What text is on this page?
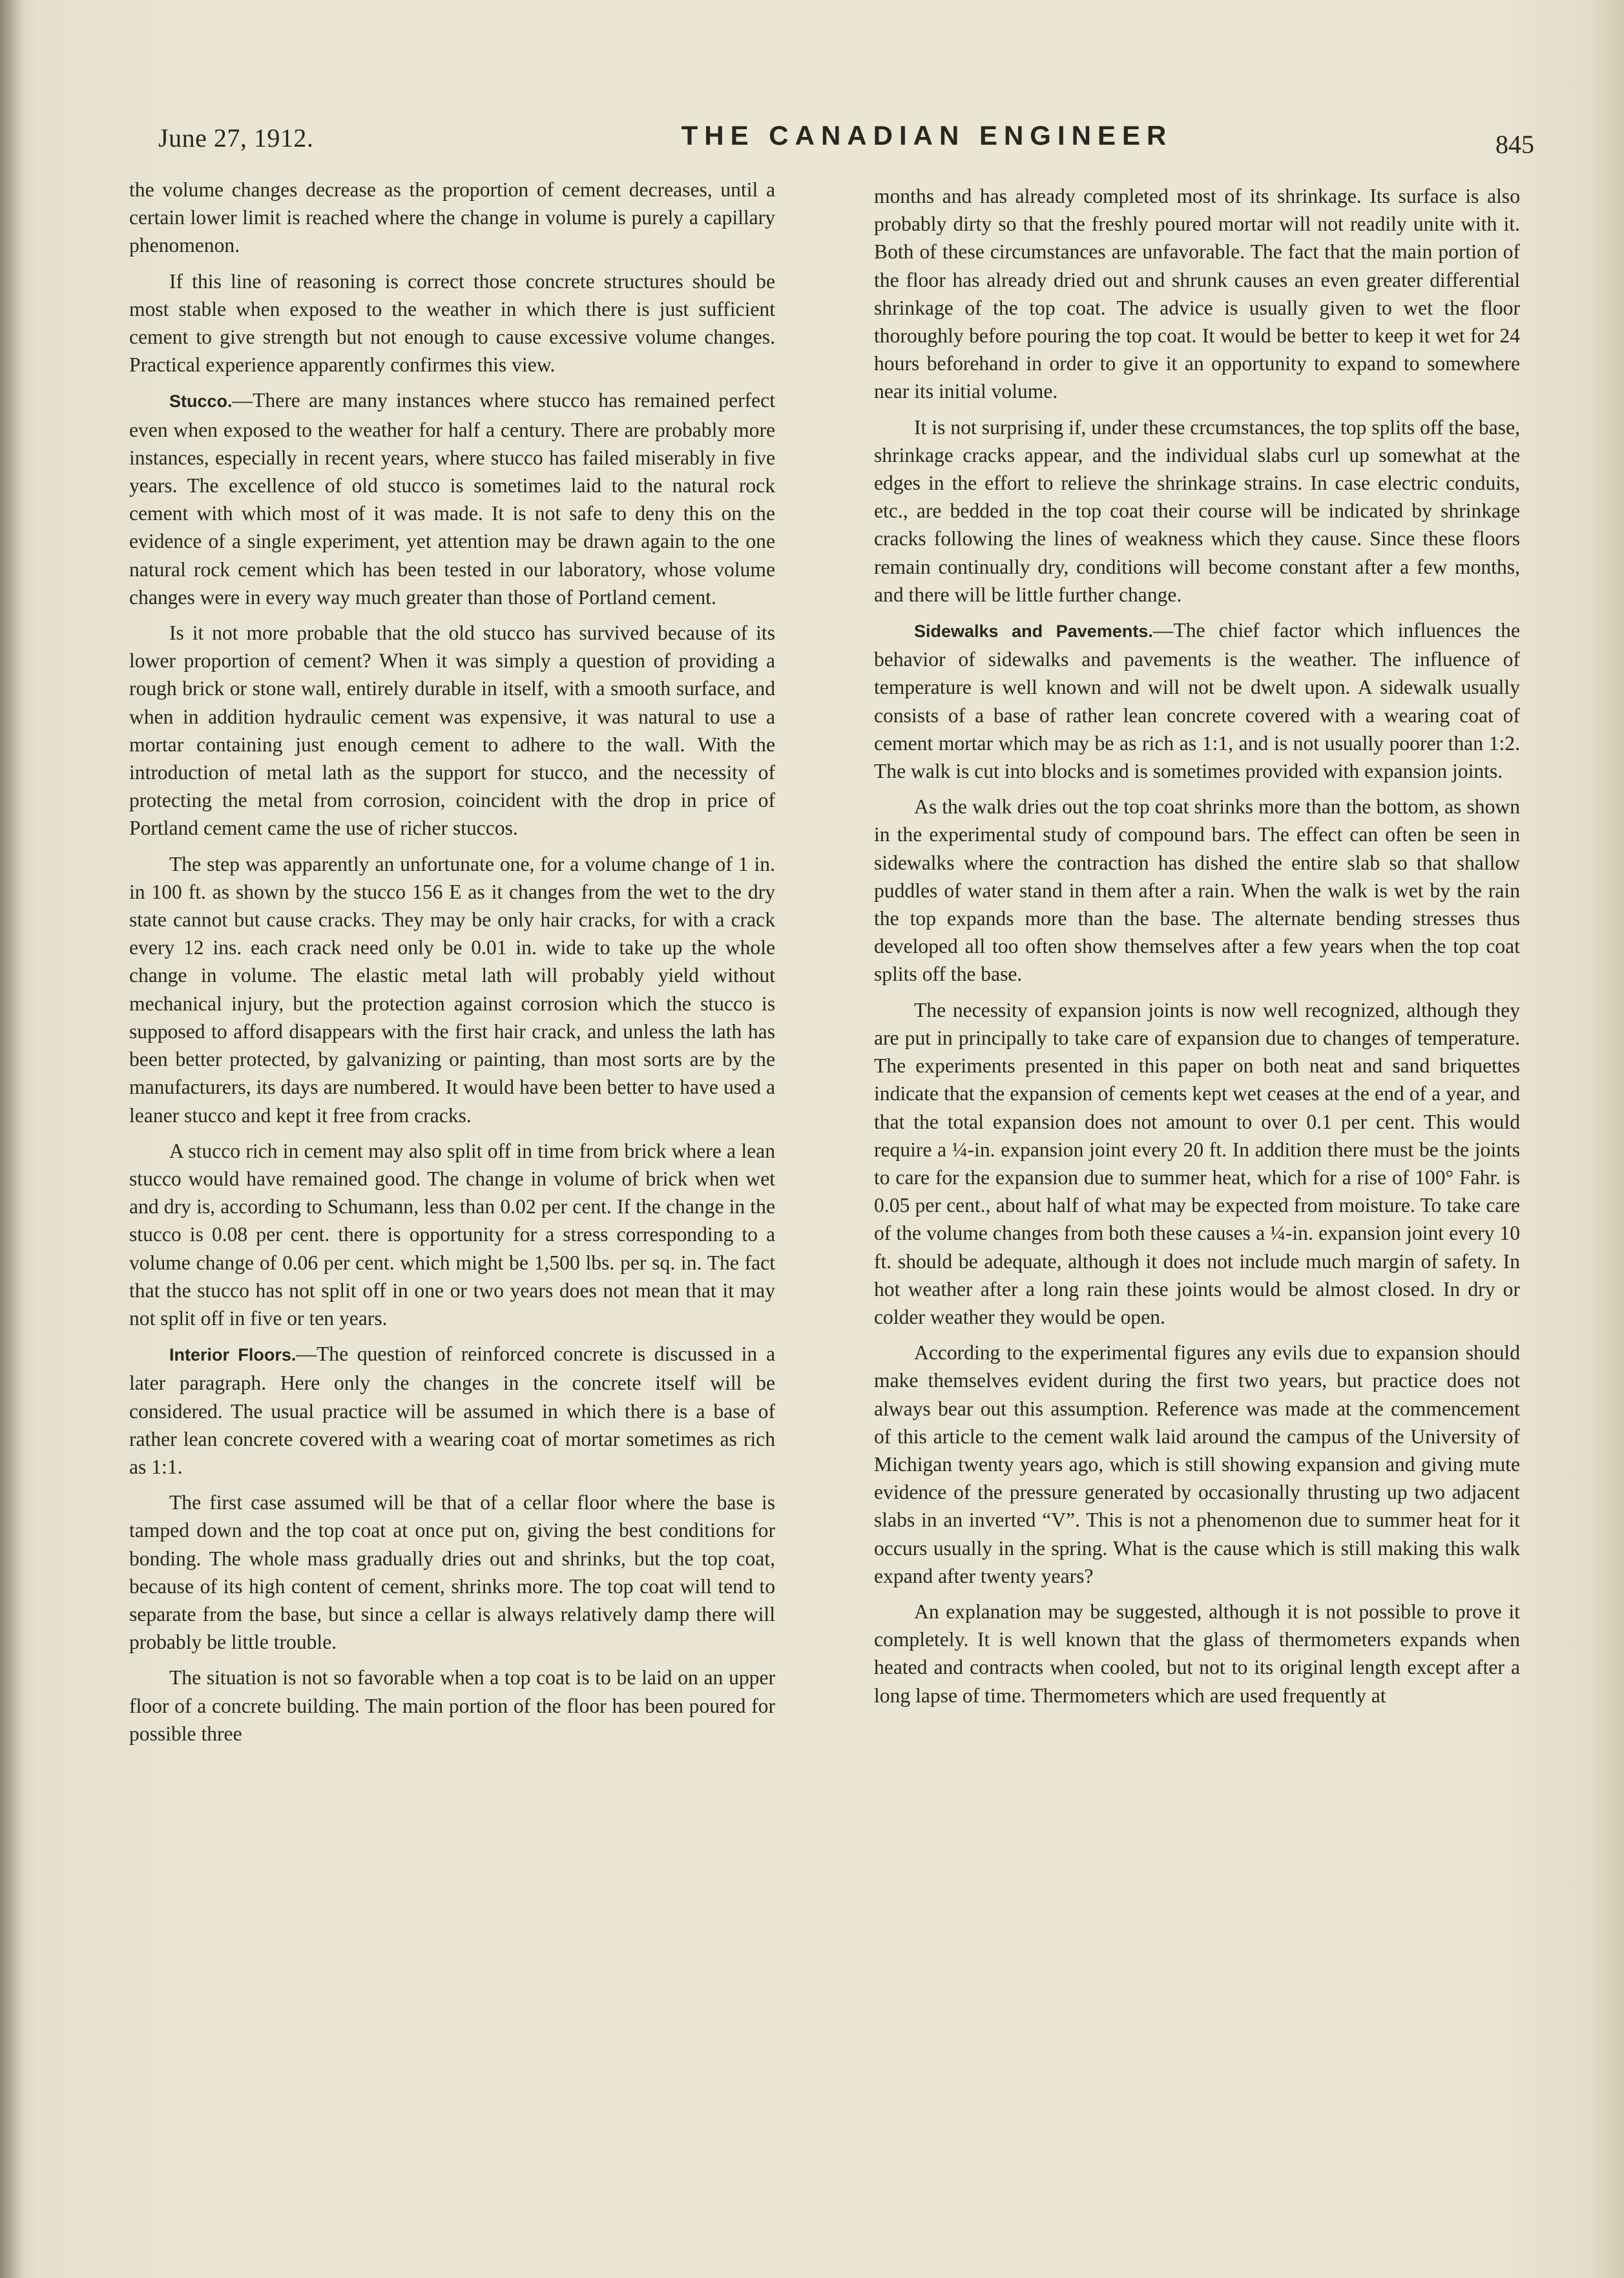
June 27, 1912.	THE CANADIAN ENGINEER	845

the volume changes decrease as the proportion of cement decreases, until a certain lower limit is reached where the change in volume is purely a capillary phenomenon.

If this line of reasoning is correct those concrete structures should be most stable when exposed to the weather in which there is just sufficient cement to give strength but not enough to cause excessive volume changes. Practical experience apparently confirmes this view.

Stucco.—There are many instances where stucco has remained perfect even when exposed to the weather for half a century. There are probably more instances, especially in recent years, where stucco has failed miserably in five years. The excellence of old stucco is sometimes laid to the natural rock cement with which most of it was made. It is not safe to deny this on the evidence of a single experiment, yet attention may be drawn again to the one natural rock cement which has been tested in our laboratory, whose volume changes were in every way much greater than those of Portland cement.

Is it not more probable that the old stucco has survived because of its lower proportion of cement? When it was simply a question of providing a rough brick or stone wall, entirely durable in itself, with a smooth surface, and when in addition hydraulic cement was expensive, it was natural to use a mortar containing just enough cement to adhere to the wall. With the introduction of metal lath as the support for stucco, and the necessity of protecting the metal from corrosion, coincident with the drop in price of Portland cement came the use of richer stuccos.

The step was apparently an unfortunate one, for a volume change of 1 in. in 100 ft. as shown by the stucco 156 E as it changes from the wet to the dry state cannot but cause cracks. They may be only hair cracks, for with a crack every 12 ins. each crack need only be 0.01 in. wide to take up the whole change in volume. The elastic metal lath will probably yield without mechanical injury, but the protection against corrosion which the stucco is supposed to afford disappears with the first hair crack, and unless the lath has been better protected, by galvanizing or painting, than most sorts are by the manufacturers, its days are numbered. It would have been better to have used a leaner stucco and kept it free from cracks.

A stucco rich in cement may also split off in time from brick where a lean stucco would have remained good. The change in volume of brick when wet and dry is, according to Schumann, less than 0.02 per cent. If the change in the stucco is 0.08 per cent. there is opportunity for a stress corresponding to a volume change of 0.06 per cent. which might be 1,500 lbs. per sq. in. The fact that the stucco has not split off in one or two years does not mean that it may not split off in five or ten years.

Interior Floors.—The question of reinforced concrete is discussed in a later paragraph. Here only the changes in the concrete itself will be considered. The usual practice will be assumed in which there is a base of rather lean concrete covered with a wearing coat of mortar sometimes as rich as 1:1.

The first case assumed will be that of a cellar floor where the base is tamped down and the top coat at once put on, giving the best conditions for bonding. The whole mass gradually dries out and shrinks, but the top coat, because of its high content of cement, shrinks more. The top coat will tend to separate from the base, but since a cellar is always relatively damp there will probably be little trouble.

The situation is not so favorable when a top coat is to be laid on an upper floor of a concrete building. The main portion of the floor has been poured for possible three

months and has already completed most of its shrinkage. Its surface is also probably dirty so that the freshly poured mortar will not readily unite with it. Both of these circumstances are unfavorable. The fact that the main portion of the floor has already dried out and shrunk causes an even greater differential shrinkage of the top coat. The advice is usually given to wet the floor thoroughly before pouring the top coat. It would be better to keep it wet for 24 hours beforehand in order to give it an opportunity to expand to somewhere near its initial volume.

It is not surprising if, under these crcumstances, the top splits off the base, shrinkage cracks appear, and the individual slabs curl up somewhat at the edges in the effort to relieve the shrinkage strains. In case electric conduits, etc., are bedded in the top coat their course will be indicated by shrinkage cracks following the lines of weakness which they cause. Since these floors remain continually dry, conditions will become constant after a few months, and there will be little further change.

Sidewalks and Pavements.—The chief factor which influences the behavior of sidewalks and pavements is the weather. The influence of temperature is well known and will not be dwelt upon. A sidewalk usually consists of a base of rather lean concrete covered with a wearing coat of cement mortar which may be as rich as 1:1, and is not usually poorer than 1:2. The walk is cut into blocks and is sometimes provided with expansion joints.

As the walk dries out the top coat shrinks more than the bottom, as shown in the experimental study of compound bars. The effect can often be seen in sidewalks where the contraction has dished the entire slab so that shallow puddles of water stand in them after a rain. When the walk is wet by the rain the top expands more than the base. The alternate bending stresses thus developed all too often show themselves after a few years when the top coat splits off the base.

The necessity of expansion joints is now well recognized, although they are put in principally to take care of expansion due to changes of temperature. The experiments presented in this paper on both neat and sand briquettes indicate that the expansion of cements kept wet ceases at the end of a year, and that the total expansion does not amount to over 0.1 per cent. This would require a ¼-in. expansion joint every 20 ft. In addition there must be the joints to care for the expansion due to summer heat, which for a rise of 100° Fahr. is 0.05 per cent., about half of what may be expected from moisture. To take care of the volume changes from both these causes a ¼-in. expansion joint every 10 ft. should be adequate, although it does not include much margin of safety. In hot weather after a long rain these joints would be almost closed. In dry or colder weather they would be open.

According to the experimental figures any evils due to expansion should make themselves evident during the first two years, but practice does not always bear out this assumption. Reference was made at the commencement of this article to the cement walk laid around the campus of the University of Michigan twenty years ago, which is still showing expansion and giving mute evidence of the pressure generated by occasionally thrusting up two adjacent slabs in an inverted “V”. This is not a phenomenon due to summer heat for it occurs usually in the spring. What is the cause which is still making this walk expand after twenty years?

An explanation may be suggested, although it is not possible to prove it completely. It is well known that the glass of thermometers expands when heated and contracts when cooled, but not to its original length except after a long lapse of time. Thermometers which are used frequently at
